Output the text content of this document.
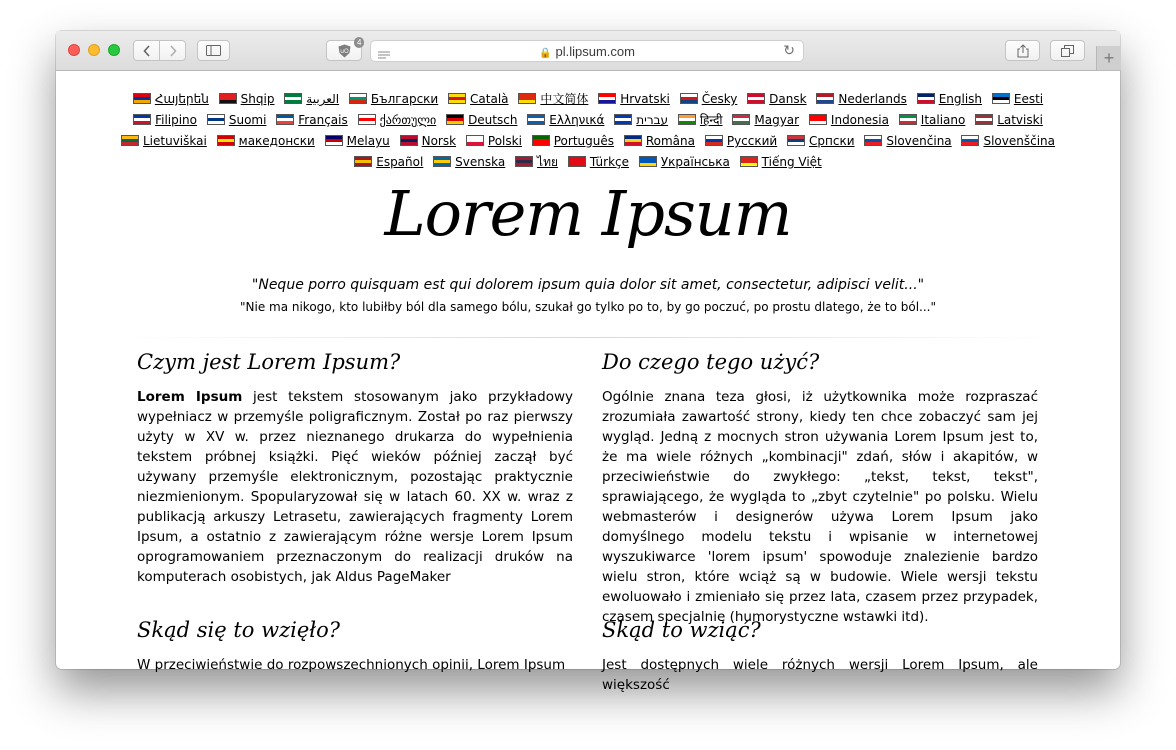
uO
4
🔒 pl.lipsum.com	↻	+
Հայերեն	Shqip	العربية	Български	Català	中文简体	Hrvatski	Česky	Dansk	Nederlands	English	Eesti Filipino	Suomi	Français	ქართული	Deutsch	Ελληνικά	עברית	हिन्दी	Magyar	Indonesia	Italiano	Latviski Lietuviškai	македонски	Melayu	Norsk	Polski	Português	Româna	Pycский	Српски	Slovenčina	Slovenščina Español	Svenska	ไทย	Türkçe	Українська	Tiếng Việt
Lorem Ipsum
"Neque porro quisquam est qui dolorem ipsum quia dolor sit amet, consectetur, adipisci velit..."
"Nie ma nikogo, kto lubiłby ból dla samego bólu, szukał go tylko po to, by go poczuć, po prostu dlatego, że to ból..."
Czym jest Lorem Ipsum?

Lorem Ipsum jest tekstem stosowanym jako przykładowy wypełniacz w przemyśle poligraficznym. Został po raz pierwszy użyty w XV w. przez nieznanego drukarza do wypełnienia tekstem próbnej książki. Pięć wieków później zaczął być używany przemyśle elektronicznym, pozostając praktycznie niezmienionym. Spopularyzował się w latach 60. XX w. wraz z publikacją arkuszy Letrasetu, zawierających fragmenty Lorem Ipsum, a ostatnio z zawierającym różne wersje Lorem Ipsum oprogramowaniem przeznaczonym do realizacji druków na komputerach osobistych, jak Aldus PageMaker

Do czego tego użyć?

Ogólnie znana teza głosi, iż użytkownika może rozpraszać zrozumiała zawartość strony, kiedy ten chce zobaczyć sam jej wygląd. Jedną z mocnych stron używania Lorem Ipsum jest to, że ma wiele różnych „kombinacji" zdań, słów i akapitów, w przeciwieństwie do zwykłego: „tekst, tekst, tekst", sprawiającego, że wygląda to „zbyt czytelnie" po polsku. Wielu webmasterów i designerów używa Lorem Ipsum jako domyślnego modelu tekstu i wpisanie w internetowej wyszukiwarce 'lorem ipsum' spowoduje znalezienie bardzo wielu stron, które wciąż są w budowie. Wiele wersji tekstu ewoluowało i zmieniało się przez lata, czasem przez przypadek, czasem specjalnie (humorystyczne wstawki itd).

Skąd się to wzięło?

W przeciwieństwie do rozpowszechnionych opinii, Lorem Ipsum

Skąd to wziąć?

Jest dostępnych wiele różnych wersji Lorem Ipsum, ale większość
